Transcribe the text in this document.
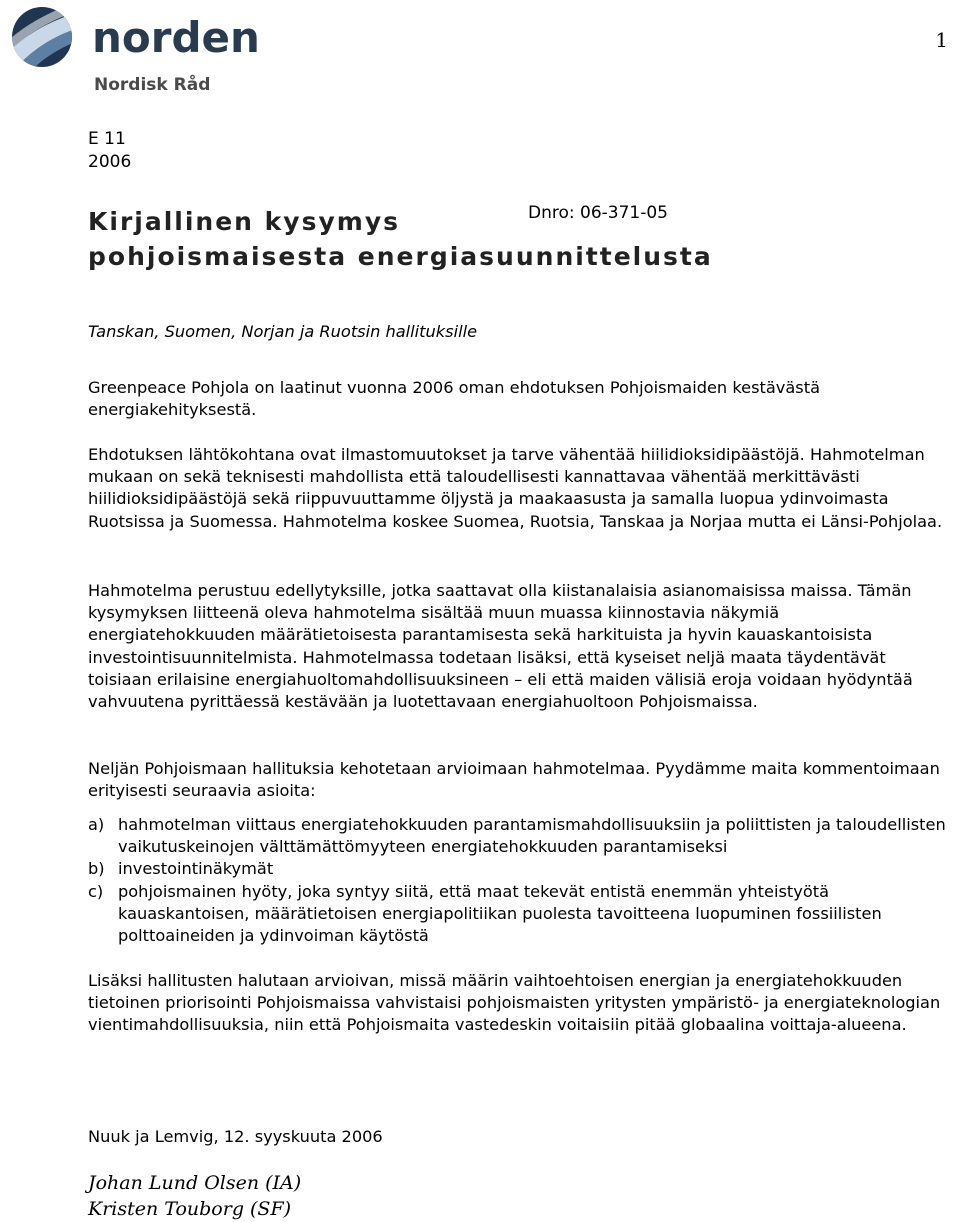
norden
Nordisk Råd
1
E 11
2006
Dnro: 06-371-05
Kirjallinen kysymys
pohjoismaisesta energiasuunnittelusta
Tanskan, Suomen, Norjan ja Ruotsin hallituksille
Greenpeace Pohjola on laatinut vuonna 2006 oman ehdotuksen Pohjoismaiden kestävästä energiakehityksestä.
Ehdotuksen lähtökohtana ovat ilmastomuutokset ja tarve vähentää hiilidioksidipäästöjä. Hahmotelman mukaan on sekä teknisesti mahdollista että taloudellisesti kannattavaa vähentää merkittävästi hiilidioksidipäästöjä sekä riippuvuuttamme öljystä ja maakaasusta ja samalla luopua ydinvoimasta Ruotsissa ja Suomessa. Hahmotelma koskee Suomea, Ruotsia, Tanskaa ja Norjaa mutta ei Länsi-Pohjolaa.
Hahmotelma perustuu edellytyksille, jotka saattavat olla kiistanalaisia asianomaisissa maissa. Tämän kysymyksen liitteenä oleva hahmotelma sisältää muun muassa kiinnostavia näkymiä energiatehokkuuden määrätietoisesta parantamisesta sekä harkituista ja hyvin kauaskantoisista investointisuunnitelmista. Hahmotelmassa todetaan lisäksi, että kyseiset neljä maata täydentävät toisiaan erilaisine energiahuoltomahdollisuuksineen – eli että maiden välisiä eroja voidaan hyödyntää vahvuutena pyrittäessä kestävään ja luotettavaan energiahuoltoon Pohjoismaissa.
Neljän Pohjoismaan hallituksia kehotetaan arvioimaan hahmotelmaa. Pyydämme maita kommentoimaan erityisesti seuraavia asioita:
a) hahmotelman viittaus energiatehokkuuden parantamismahdollisuuksiin ja poliittisten ja taloudellisten vaikutuskeinojen välttämättömyyteen energiatehokkuuden parantamiseksi
b) investointinäkymät
c) pohjoismainen hyöty, joka syntyy siitä, että maat tekevät entistä enemmän yhteistyötä kauaskantoisen, määrätietoisen energiapolitiikan puolesta tavoitteena luopuminen fossiilisten polttoaineiden ja ydinvoiman käytöstä
Lisäksi hallitusten halutaan arvioivan, missä määrin vaihtoehtoisen energian ja energiatehokkuuden tietoinen priorisointi Pohjoismaissa vahvistaisi pohjoismaisten yritysten ympäristö- ja energiateknologian vientimahdollisuuksia, niin että Pohjoismaita vastedeskin voitaisiin pitää globaalina voittaja-alueena.
Nuuk ja Lemvig, 12. syyskuuta 2006
Johan Lund Olsen (IA)
Kristen Touborg (SF)
